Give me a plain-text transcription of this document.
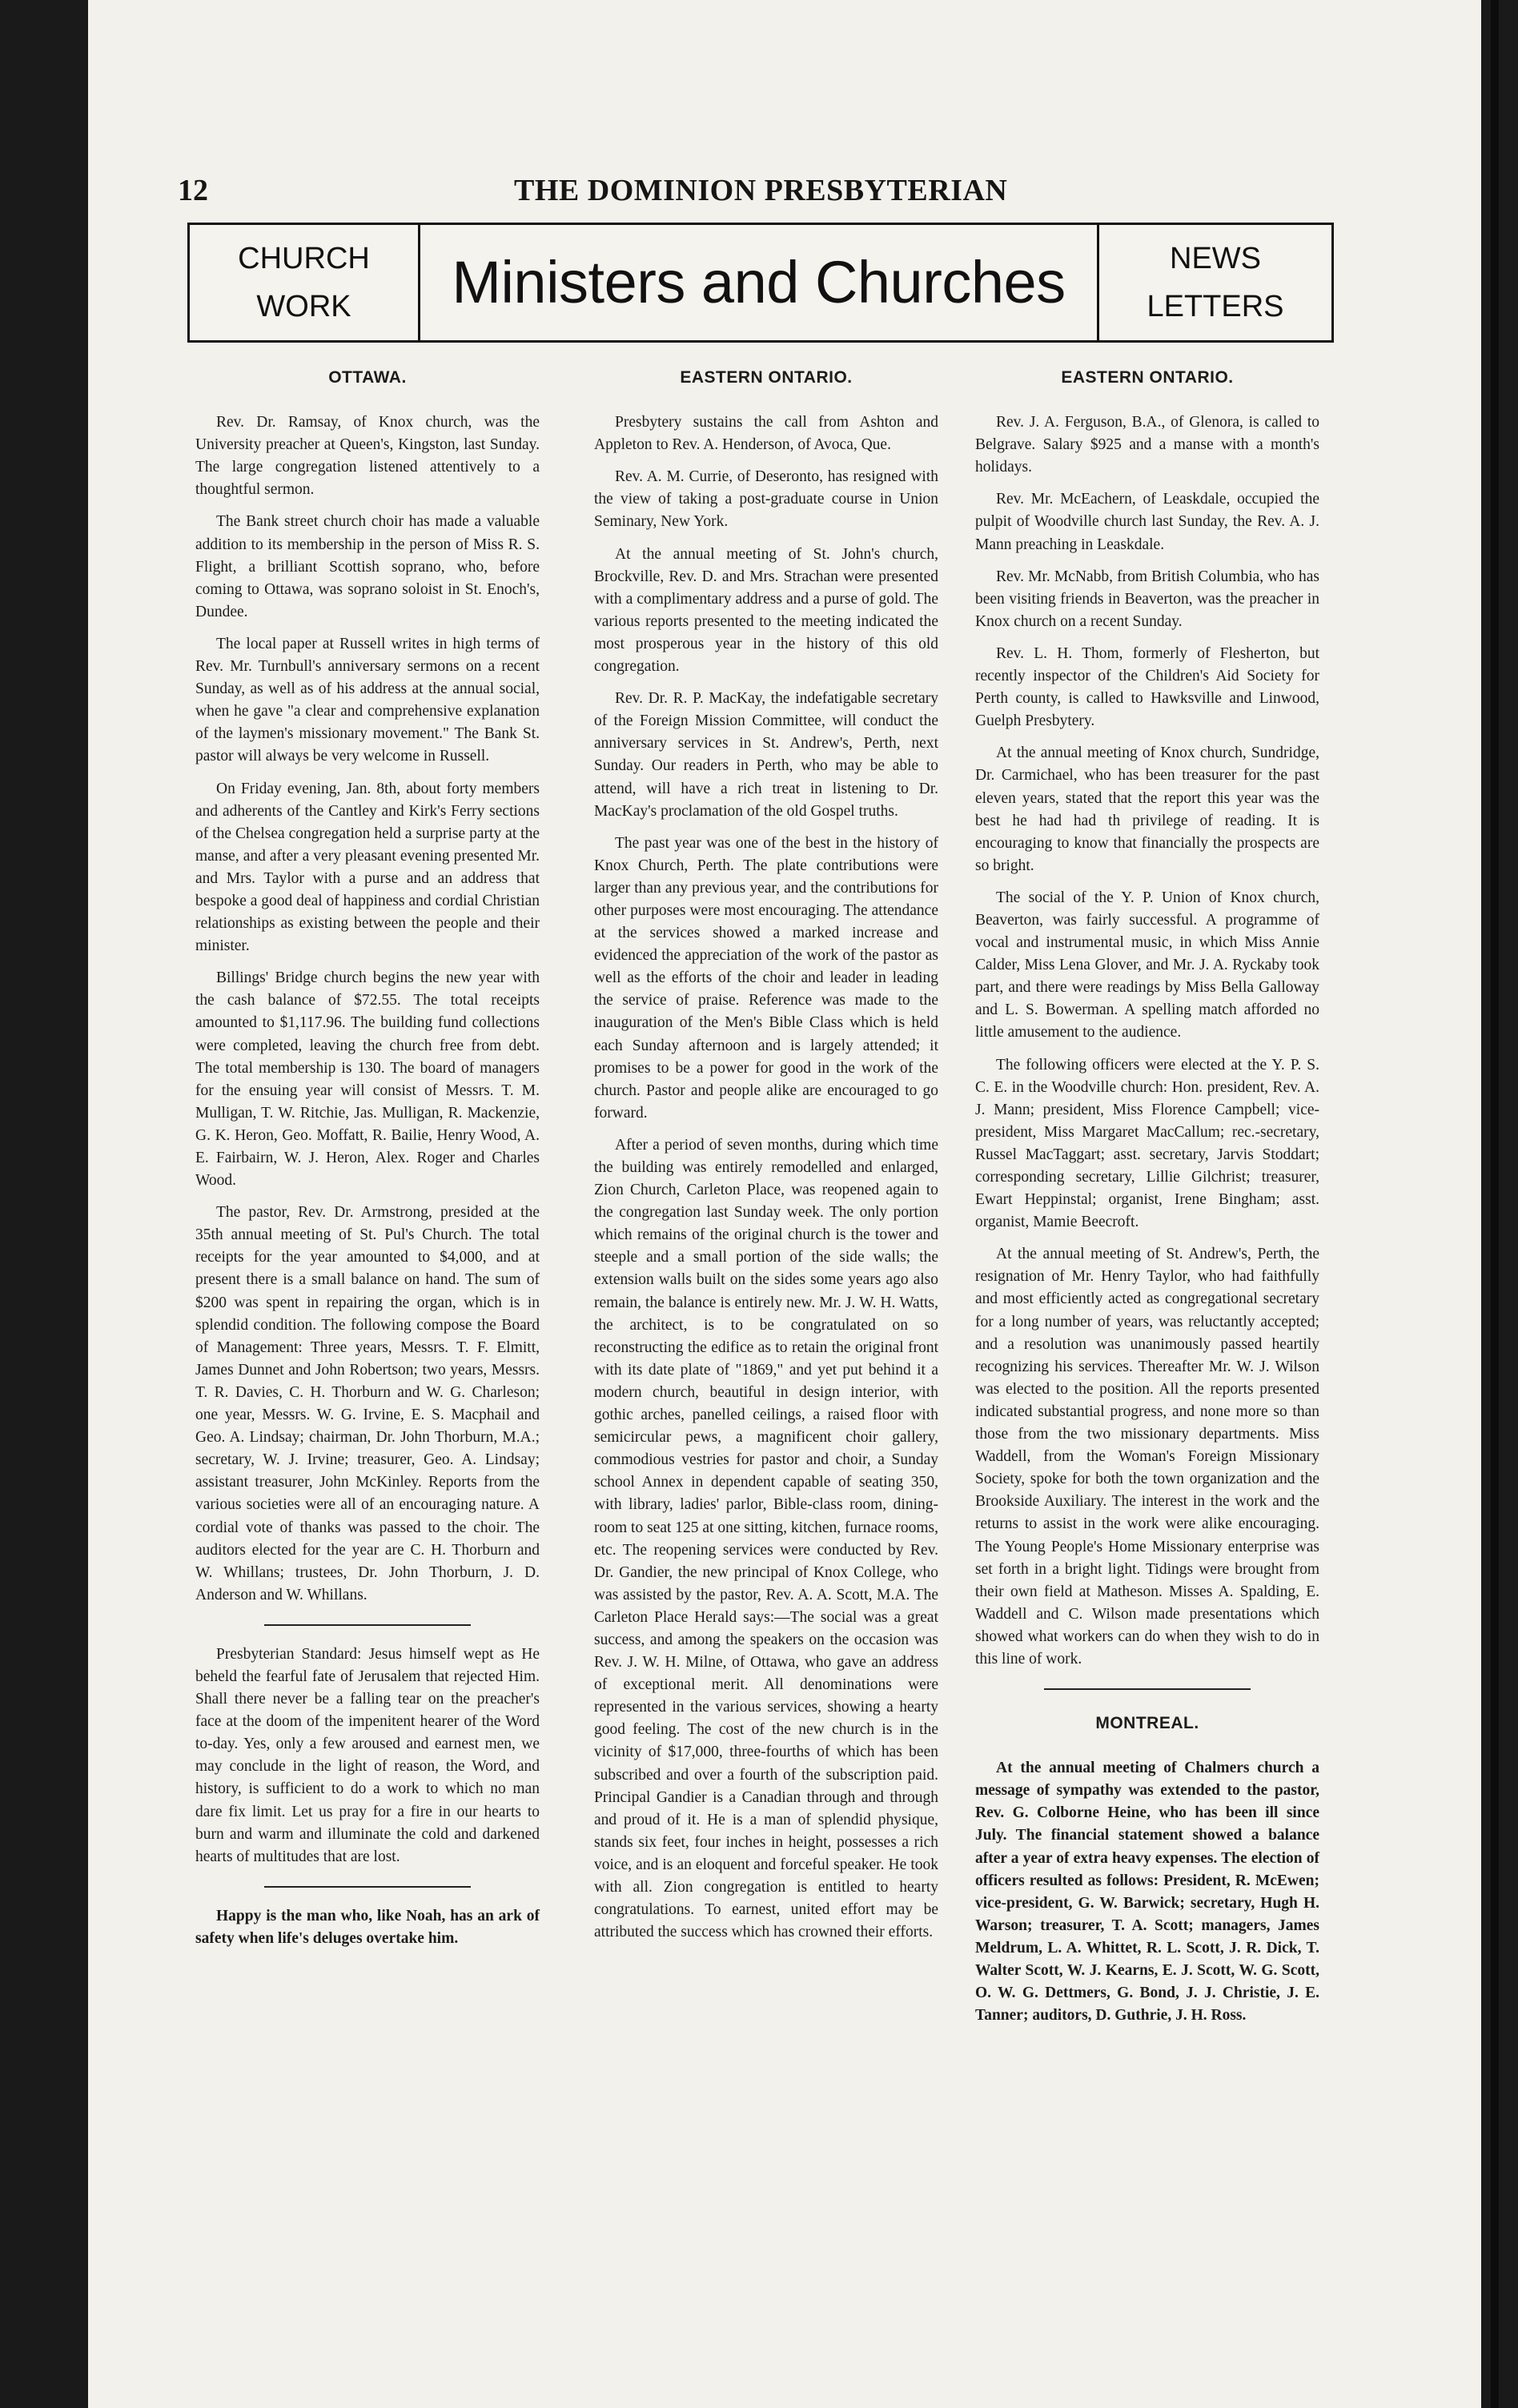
12	THE DOMINION PRESBYTERIAN
CHURCH
WORK	Ministers and Churches	NEWS
LETTERS
OTTAWA.

Rev. Dr. Ramsay, of Knox church, was the University preacher at Queen's, Kingston, last Sunday. The large congregation listened attentively to a thoughtful sermon.

The Bank street church choir has made a valuable addition to its membership in the person of Miss R. S. Flight, a brilliant Scottish soprano, who, before coming to Ottawa, was soprano soloist in St. Enoch's, Dundee.

The local paper at Russell writes in high terms of Rev. Mr. Turnbull's anniversary sermons on a recent Sunday, as well as of his address at the annual social, when he gave "a clear and comprehensive explanation of the laymen's missionary movement." The Bank St. pastor will always be very welcome in Russell.

On Friday evening, Jan. 8th, about forty members and adherents of the Cantley and Kirk's Ferry sections of the Chelsea congregation held a surprise party at the manse, and after a very pleasant evening presented Mr. and Mrs. Taylor with a purse and an address that bespoke a good deal of happiness and cordial Christian relationships as existing between the people and their minister.

Billings' Bridge church begins the new year with the cash balance of $72.55. The total receipts amounted to $1,117.96. The building fund collections were completed, leaving the church free from debt. The total membership is 130. The board of managers for the ensuing year will consist of Messrs. T. M. Mulligan, T. W. Ritchie, Jas. Mulligan, R. Mackenzie, G. K. Heron, Geo. Moffatt, R. Bailie, Henry Wood, A. E. Fairbairn, W. J. Heron, Alex. Roger and Charles Wood.

The pastor, Rev. Dr. Armstrong, presided at the 35th annual meeting of St. Pul's Church. The total receipts for the year amounted to $4,000, and at present there is a small balance on hand. The sum of $200 was spent in repairing the organ, which is in splendid condition. The following compose the Board of Management: Three years, Messrs. T. F. Elmitt, James Dunnet and John Robertson; two years, Messrs. T. R. Davies, C. H. Thorburn and W. G. Charleson; one year, Messrs. W. G. Irvine, E. S. Macphail and Geo. A. Lindsay; chairman, Dr. John Thorburn, M.A.; secretary, W. J. Irvine; treasurer, Geo. A. Lindsay; assistant treasurer, John McKinley. Reports from the various societies were all of an encouraging nature. A cordial vote of thanks was passed to the choir. The auditors elected for the year are C. H. Thorburn and W. Whillans; trustees, Dr. John Thorburn, J. D. Anderson and W. Whillans.

Presbyterian Standard: Jesus himself wept as He beheld the fearful fate of Jerusalem that rejected Him. Shall there never be a falling tear on the preacher's face at the doom of the impenitent hearer of the Word to-day. Yes, only a few aroused and earnest men, we may conclude in the light of reason, the Word, and history, is sufficient to do a work to which no man dare fix limit. Let us pray for a fire in our hearts to burn and warm and illuminate the cold and darkened hearts of multitudes that are lost.

Happy is the man who, like Noah, has an ark of safety when life's deluges overtake him.

EASTERN ONTARIO.

Presbytery sustains the call from Ashton and Appleton to Rev. A. Henderson, of Avoca, Que.

Rev. A. M. Currie, of Deseronto, has resigned with the view of taking a post-graduate course in Union Seminary, New York.

At the annual meeting of St. John's church, Brockville, Rev. D. and Mrs. Strachan were presented with a complimentary address and a purse of gold. The various reports presented to the meeting indicated the most prosperous year in the history of this old congregation.

Rev. Dr. R. P. MacKay, the indefatigable secretary of the Foreign Mission Committee, will conduct the anniversary services in St. Andrew's, Perth, next Sunday. Our readers in Perth, who may be able to attend, will have a rich treat in listening to Dr. MacKay's proclamation of the old Gospel truths.

The past year was one of the best in the history of Knox Church, Perth. The plate contributions were larger than any previous year, and the contributions for other purposes were most encouraging. The attendance at the services showed a marked increase and evidenced the appreciation of the work of the pastor as well as the efforts of the choir and leader in leading the service of praise. Reference was made to the inauguration of the Men's Bible Class which is held each Sunday afternoon and is largely attended; it promises to be a power for good in the work of the church. Pastor and people alike are encouraged to go forward.

After a period of seven months, during which time the building was entirely remodelled and enlarged, Zion Church, Carleton Place, was reopened again to the congregation last Sunday week. The only portion which remains of the original church is the tower and steeple and a small portion of the side walls; the extension walls built on the sides some years ago also remain, the balance is entirely new. Mr. J. W. H. Watts, the architect, is to be congratulated on so reconstructing the edifice as to retain the original front with its date plate of "1869," and yet put behind it a modern church, beautiful in design interior, with gothic arches, panelled ceilings, a raised floor with semicircular pews, a magnificent choir gallery, commodious vestries for pastor and choir, a Sunday school Annex in dependent capable of seating 350, with library, ladies' parlor, Bible-class room, dining-room to seat 125 at one sitting, kitchen, furnace rooms, etc. The reopening services were conducted by Rev. Dr. Gandier, the new principal of Knox College, who was assisted by the pastor, Rev. A. A. Scott, M.A. The Carleton Place Herald says:—The social was a great success, and among the speakers on the occasion was Rev. J. W. H. Milne, of Ottawa, who gave an address of exceptional merit. All denominations were represented in the various services, showing a hearty good feeling. The cost of the new church is in the vicinity of $17,000, three-fourths of which has been subscribed and over a fourth of the subscription paid. Principal Gandier is a Canadian through and through and proud of it. He is a man of splendid physique, stands six feet, four inches in height, possesses a rich voice, and is an eloquent and forceful speaker. He took with all. Zion congregation is entitled to hearty congratulations. To earnest, united effort may be attributed the success which has crowned their efforts.

EASTERN ONTARIO.

Rev. J. A. Ferguson, B.A., of Glenora, is called to Belgrave. Salary $925 and a manse with a month's holidays.

Rev. Mr. McEachern, of Leaskdale, occupied the pulpit of Woodville church last Sunday, the Rev. A. J. Mann preaching in Leaskdale.

Rev. Mr. McNabb, from British Columbia, who has been visiting friends in Beaverton, was the preacher in Knox church on a recent Sunday.

Rev. L. H. Thom, formerly of Flesherton, but recently inspector of the Children's Aid Society for Perth county, is called to Hawksville and Linwood, Guelph Presbytery.

At the annual meeting of Knox church, Sundridge, Dr. Carmichael, who has been treasurer for the past eleven years, stated that the report this year was the best he had had th privilege of reading. It is encouraging to know that financially the prospects are so bright.

The social of the Y. P. Union of Knox church, Beaverton, was fairly successful. A programme of vocal and instrumental music, in which Miss Annie Calder, Miss Lena Glover, and Mr. J. A. Ryckaby took part, and there were readings by Miss Bella Galloway and L. S. Bowerman. A spelling match afforded no little amusement to the audience.

The following officers were elected at the Y. P. S. C. E. in the Woodville church: Hon. president, Rev. A. J. Mann; president, Miss Florence Campbell; vice-president, Miss Margaret MacCallum; rec.-secretary, Russel MacTaggart; asst. secretary, Jarvis Stoddart; corresponding secretary, Lillie Gilchrist; treasurer, Ewart Heppinstal; organist, Irene Bingham; asst. organist, Mamie Beecroft.

At the annual meeting of St. Andrew's, Perth, the resignation of Mr. Henry Taylor, who had faithfully and most efficiently acted as congregational secretary for a long number of years, was reluctantly accepted; and a resolution was unanimously passed heartily recognizing his services. Thereafter Mr. W. J. Wilson was elected to the position. All the reports presented indicated substantial progress, and none more so than those from the two missionary departments. Miss Waddell, from the Woman's Foreign Missionary Society, spoke for both the town organization and the Brookside Auxiliary. The interest in the work and the returns to assist in the work were alike encouraging. The Young People's Home Missionary enterprise was set forth in a bright light. Tidings were brought from their own field at Matheson. Misses A. Spalding, E. Waddell and C. Wilson made presentations which showed what workers can do when they wish to do in this line of work.

MONTREAL.

At the annual meeting of Chalmers church a message of sympathy was extended to the pastor, Rev. G. Colborne Heine, who has been ill since July. The financial statement showed a balance after a year of extra heavy expenses. The election of officers resulted as follows: President, R. McEwen; vice-president, G. W. Barwick; secretary, Hugh H. Warson; treasurer, T. A. Scott; managers, James Meldrum, L. A. Whittet, R. L. Scott, J. R. Dick, T. Walter Scott, W. J. Kearns, E. J. Scott, W. G. Scott, O. W. G. Dettmers, G. Bond, J. J. Christie, J. E. Tanner; auditors, D. Guthrie, J. H. Ross.
